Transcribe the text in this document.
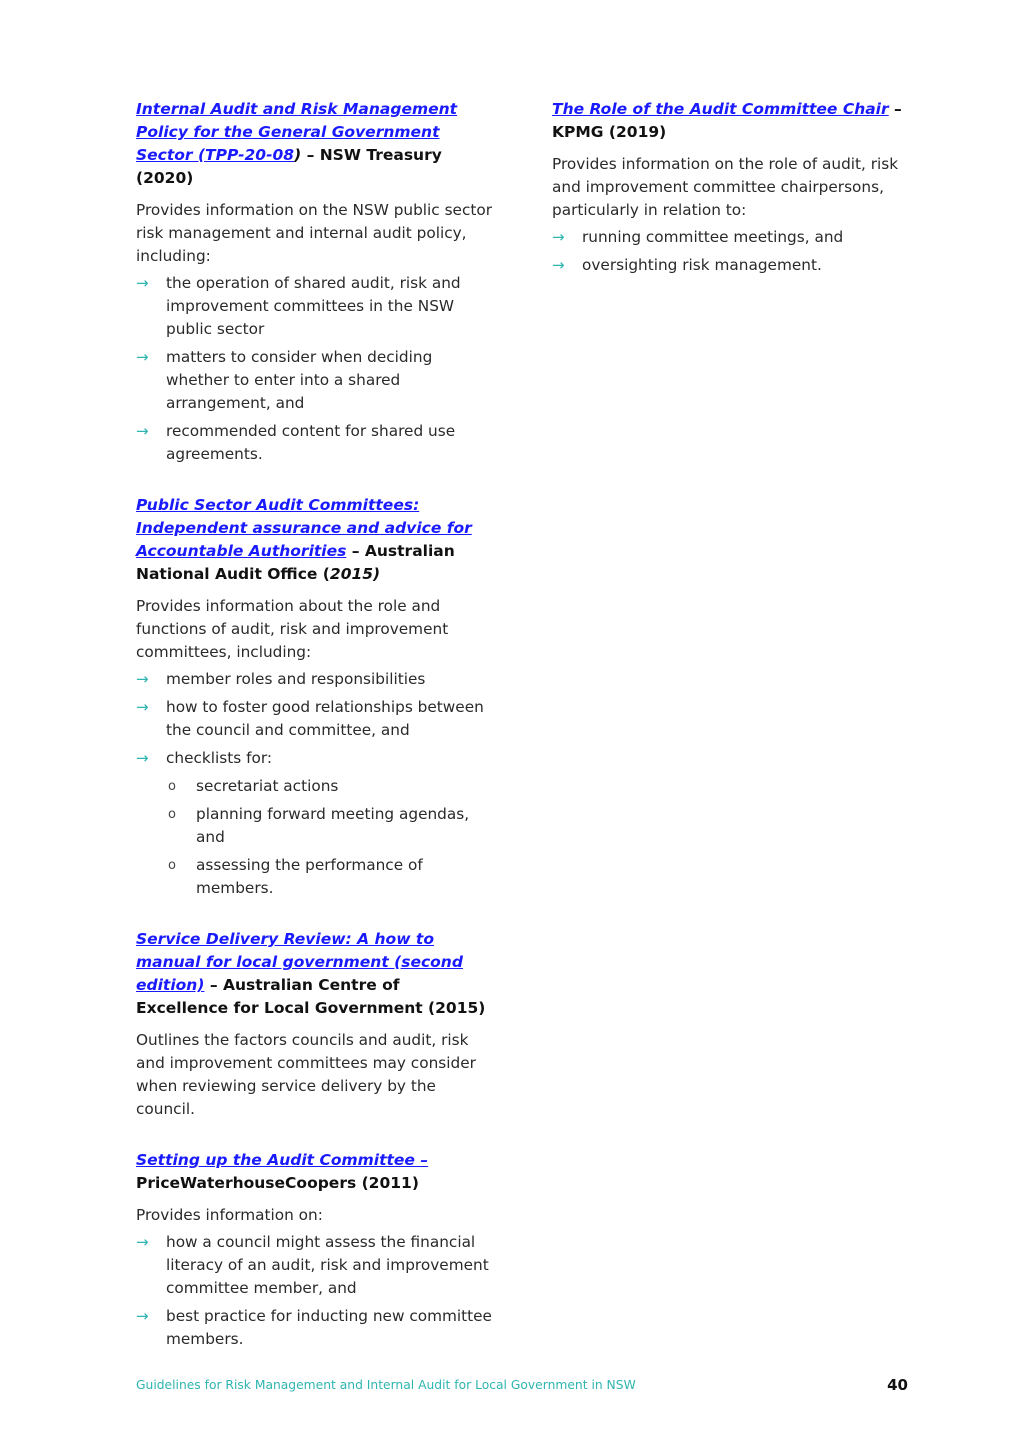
Internal Audit and Risk Management Policy for the General Government Sector (TPP-20-08) – NSW Treasury (2020)

Provides information on the NSW public sector risk management and internal audit policy, including:

→ the operation of shared audit, risk and improvement committees in the NSW public sector
→ matters to consider when deciding whether to enter into a shared arrangement, and
→ recommended content for shared use agreements.

Public Sector Audit Committees: Independent assurance and advice for Accountable Authorities – Australian National Audit Office (2015)

Provides information about the role and functions of audit, risk and improvement committees, including:

→ member roles and responsibilities
→ how to foster good relationships between the council and committee, and
→ checklists for:
o secretariat actions
o planning forward meeting agendas, and
o assessing the performance of members.

Service Delivery Review: A how to manual for local government (second edition) – Australian Centre of Excellence for Local Government (2015)

Outlines the factors councils and audit, risk and improvement committees may consider when reviewing service delivery by the council.

Setting up the Audit Committee – PriceWaterhouseCoopers (2011)

Provides information on:

→ how a council might assess the financial literacy of an audit, risk and improvement committee member, and
→ best practice for inducting new committee members.

The Role of the Audit Committee Chair – KPMG (2019)

Provides information on the role of audit, risk and improvement committee chairpersons, particularly in relation to:

→ running committee meetings, and
→ oversighting risk management.
Guidelines for Risk Management and Internal Audit for Local Government in NSW	40
